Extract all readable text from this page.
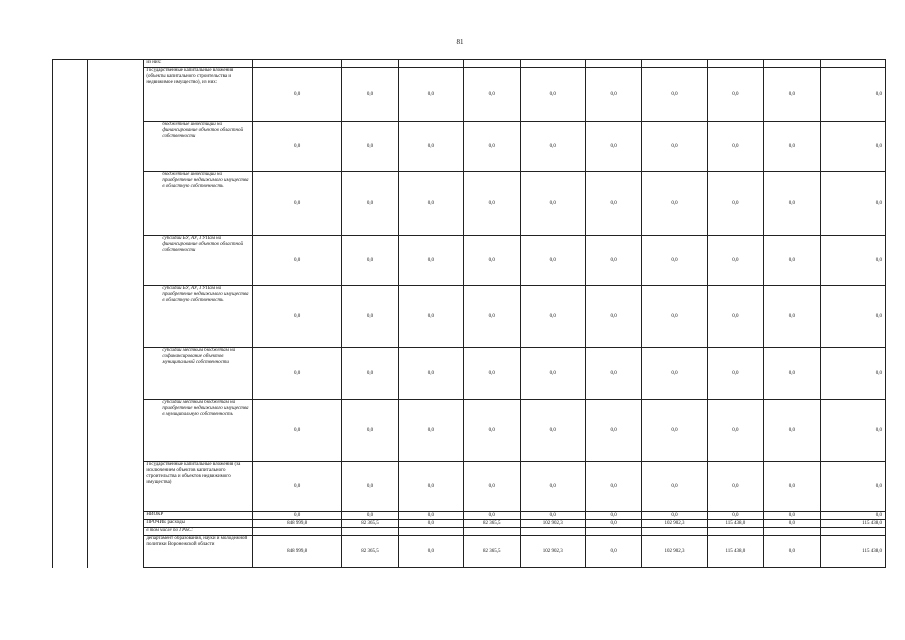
81
		из них:										
		Государственные капитальные вложения (объекты капитального строительства и недвижимое имущество), из них:	0,0	0,0	0,0	0,0	0,0	0,0	0,0	0,0	0,0	0,0
		бюджетные инвестиции на финансирование объектов областной собственности	0,0	0,0	0,0	0,0	0,0	0,0	0,0	0,0	0,0	0,0
		бюджетные инвестиции на приобретение недвижимого имущества в областную собственность	0,0	0,0	0,0	0,0	0,0	0,0	0,0	0,0	0,0	0,0
		субсидии БУ, АУ, ГУПам на финансирование объектов областной собственности	0,0	0,0	0,0	0,0	0,0	0,0	0,0	0,0	0,0	0,0
		субсидии БУ, АУ, ГУПам на приобретение недвижимого имущества в областную собственность	0,0	0,0	0,0	0,0	0,0	0,0	0,0	0,0	0,0	0,0
		субсидии местным бюджетам на софинансирование объектов муниципальной собственности	0,0	0,0	0,0	0,0	0,0	0,0	0,0	0,0	0,0	0,0
		субсидии местным бюджетам на приобретение недвижимого имущества в муниципальную собственность	0,0	0,0	0,0	0,0	0,0	0,0	0,0	0,0	0,0	0,0
		Государственные капитальные вложения (за исключением объектов капитального строительства и объектов недвижимого имущества)	0,0	0,0	0,0	0,0	0,0	0,0	0,0	0,0	0,0	0,0
		НИОКР	0,0	0,0	0,0	0,0	0,0	0,0	0,0	0,0	0,0	0,0
		ПРОЧИЕ расходы	848 999,8	82 365,5	0,0	82 365,5	102 902,3	0,0	102 902,3	115 438,0	0,0	115 438,0
		в том числе по ГРБС:										
		департамент образования, науки и молодежной политики Воронежской области	848 999,8	82 365,5	0,0	82 365,5	102 902,3	0,0	102 902,3	115 438,0	0,0	115 438,0
